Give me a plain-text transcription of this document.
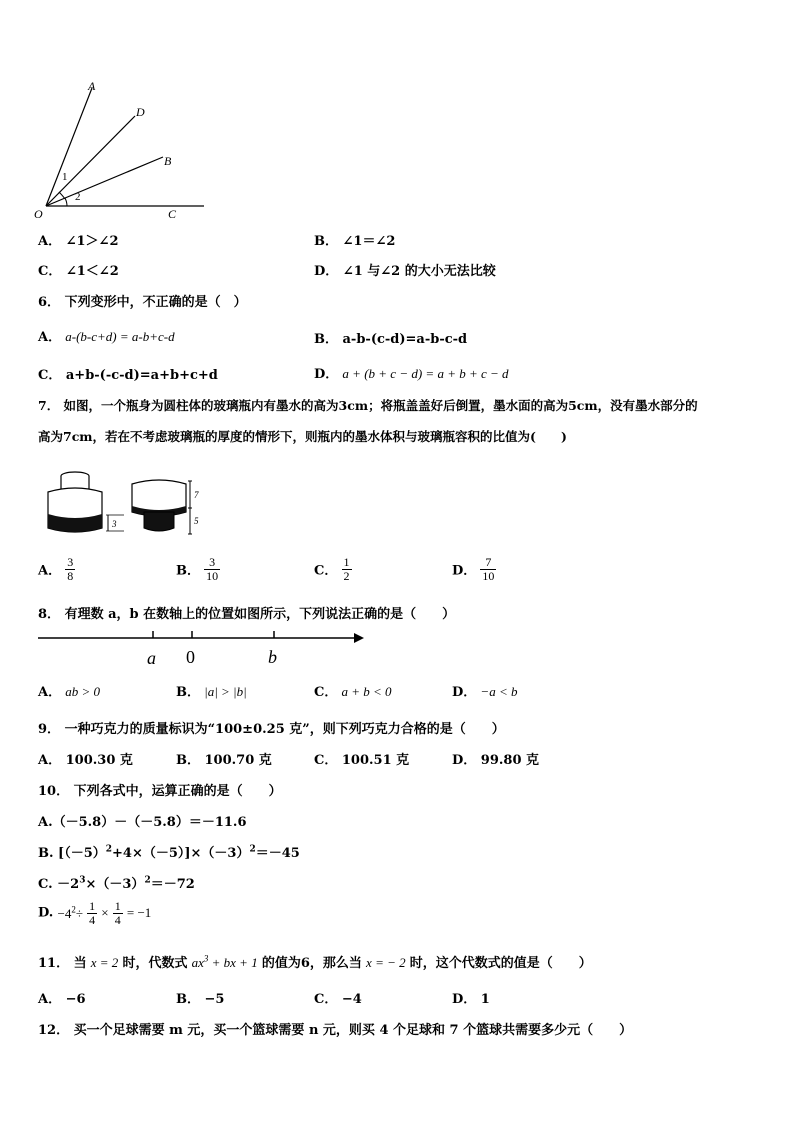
A
D
B
O	C
1
2
A． ∠1＞∠2	B． ∠1＝∠2
C． ∠1＜∠2	D． ∠1 与∠2 的大小无法比较
6． 下列变形中，不正确的是（　）
A． a-(b-c+d) = a-b+c-d	B． a-b-(c-d)=a-b-c-d
C． a+b-(-c-d)=a+b+c+d	D． a + (b + c − d) = a + b + c − d
7． 如图，一个瓶身为圆柱体的玻璃瓶内有墨水的高为3cm；将瓶盖盖好后倒置，墨水面的高为5cm，没有墨水部分的
高为7cm，若在不考虑玻璃瓶的厚度的情形下，则瓶内的墨水体积与玻璃瓶容积的比值为(　　)
3
7
5
A． $\frac{3}{8}$	B． $\frac{3}{10}$	C． $\frac{1}{2}$	D． $\frac{7}{10}$
8． 有理数 a，b 在数轴上的位置如图所示，下列说法正确的是（　　）
a 0	b
A． ab > 0	B． |a| > |b|	C． a + b < 0	D． −a < b
9． 一种巧克力的质量标识为“100±0.25 克”，则下列巧克力合格的是（　　）
A． 100.30 克	B． 100.70 克	C． 100.51 克	D． 99.80 克
10． 下列各式中，运算正确的是（　　）
A.（－5.8）－（－5.8）＝－11.6
B. $[(-5)^2+4\times(-5)]\times(-3)^2=-45$
C. $-2^3\times(-3)^2=-72$
D. $-4^2\div \frac{1}{4} \times \frac{1}{4} = -1$
11． 当 x = 2 时，代数式 $ax^3$ + bx + 1 的值为6，那么当 x = − 2 时，这个代数式的值是（　　）
A． −6	B． −5	C． −4	D． 1
12． 买一个足球需要 m 元，买一个篮球需要 n 元，则买 4 个足球和 7 个篮球共需要多少元（　　）
